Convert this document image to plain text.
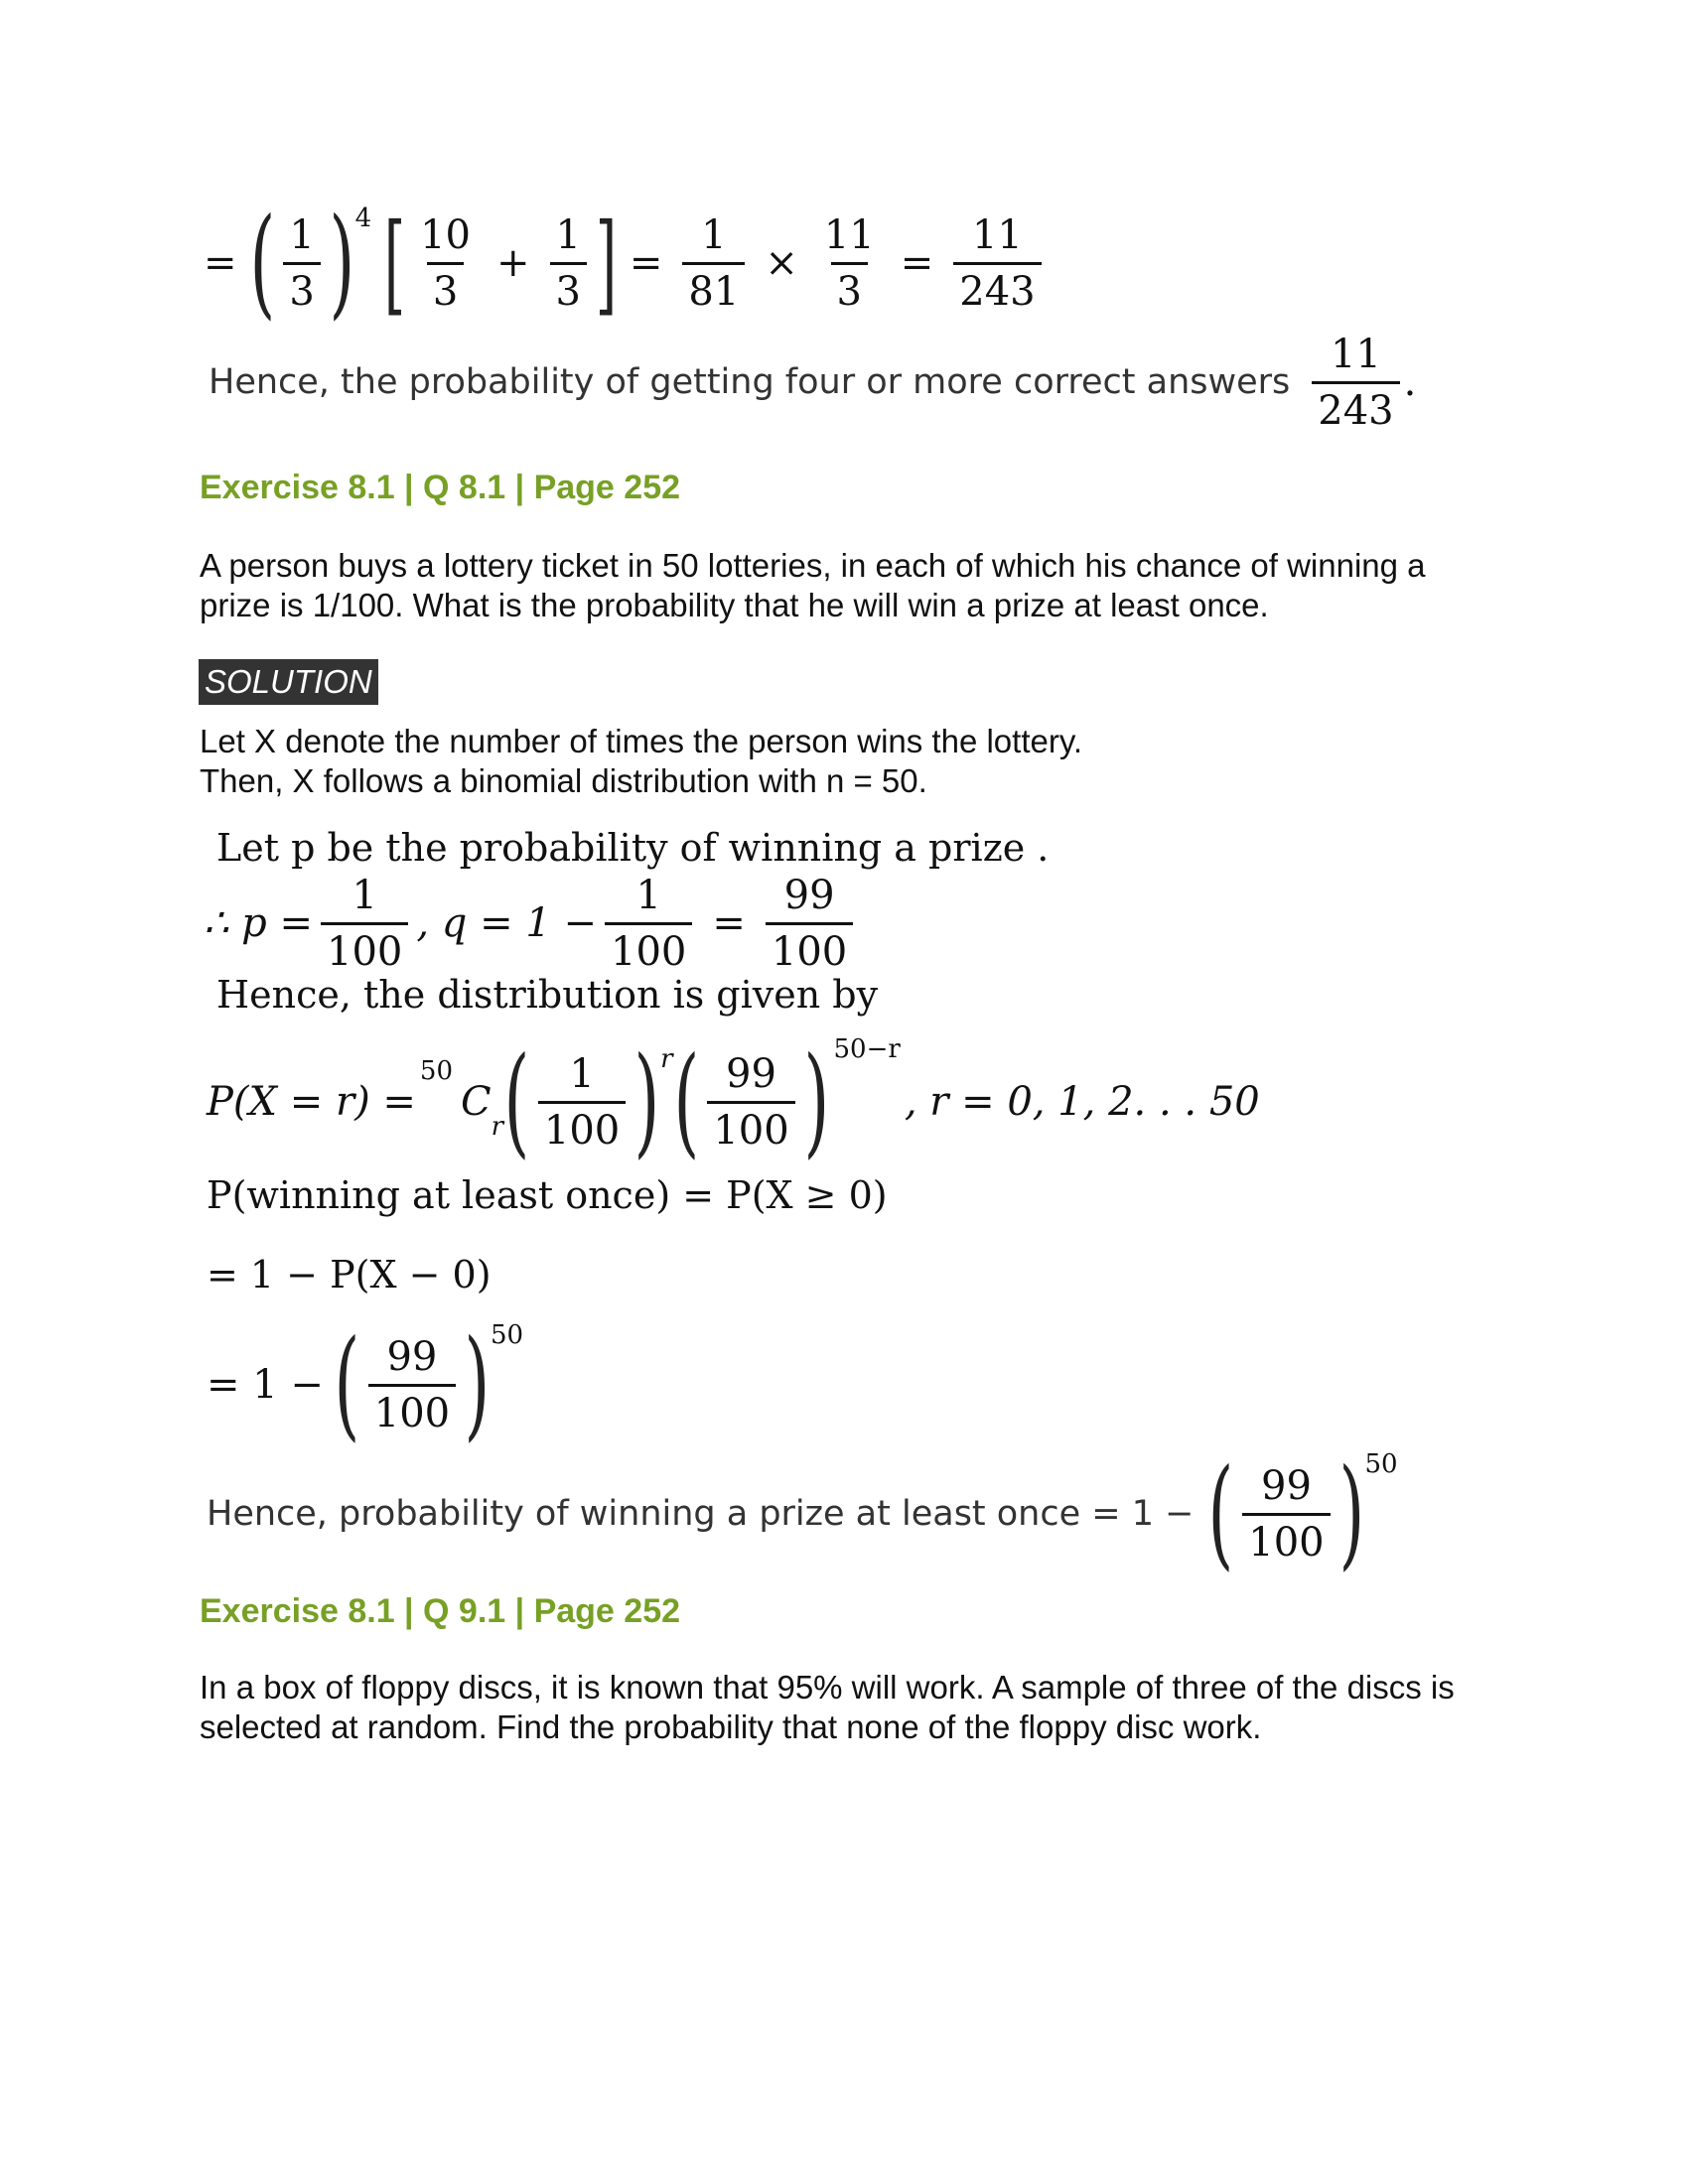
= ( $\frac{1}{3}$ ) 4 [ $\frac{10}{3} + \frac{1}{3}$ ] = $\frac{1}{81} \times \frac{11}{3} = \frac{11}{243}$
Hence, the probability of getting four or more correct answers $\frac{11}{243}$ .
Exercise 8.1 | Q 8.1 | Page 252
A person buys a lottery ticket in 50 lotteries, in each of which his chance of winning a
prize is 1/100. What is the probability that he will win a prize at least once.
SOLUTION
Let X denote the number of times the person wins the lottery.
Then, X follows a binomial distribution with n = 50.
Let p be the probability of winning a prize .
∴ $p = \frac{1}{100}$ , $q = 1 - \frac{1}{100} = \frac{99}{100}$
Hence, the distribution is given by
P(X = r) =
50
C
r ( $\frac{1}{100}$ ) r ( $\frac{99}{100}$ ) 50−r
, r = 0, 1, 2. . . 50
P(winning at least once) = P(X ≥ 0)
= 1 − P(X − 0)
= 1 − ( $\frac{99}{100}$ ) 50
Hence, probability of winning a prize at least once = 1 − ( $\frac{99}{100}$ ) 50
Exercise 8.1 | Q 9.1 | Page 252
In a box of floppy discs, it is known that 95% will work. A sample of three of the discs is
selected at random. Find the probability that none of the floppy disc work.
